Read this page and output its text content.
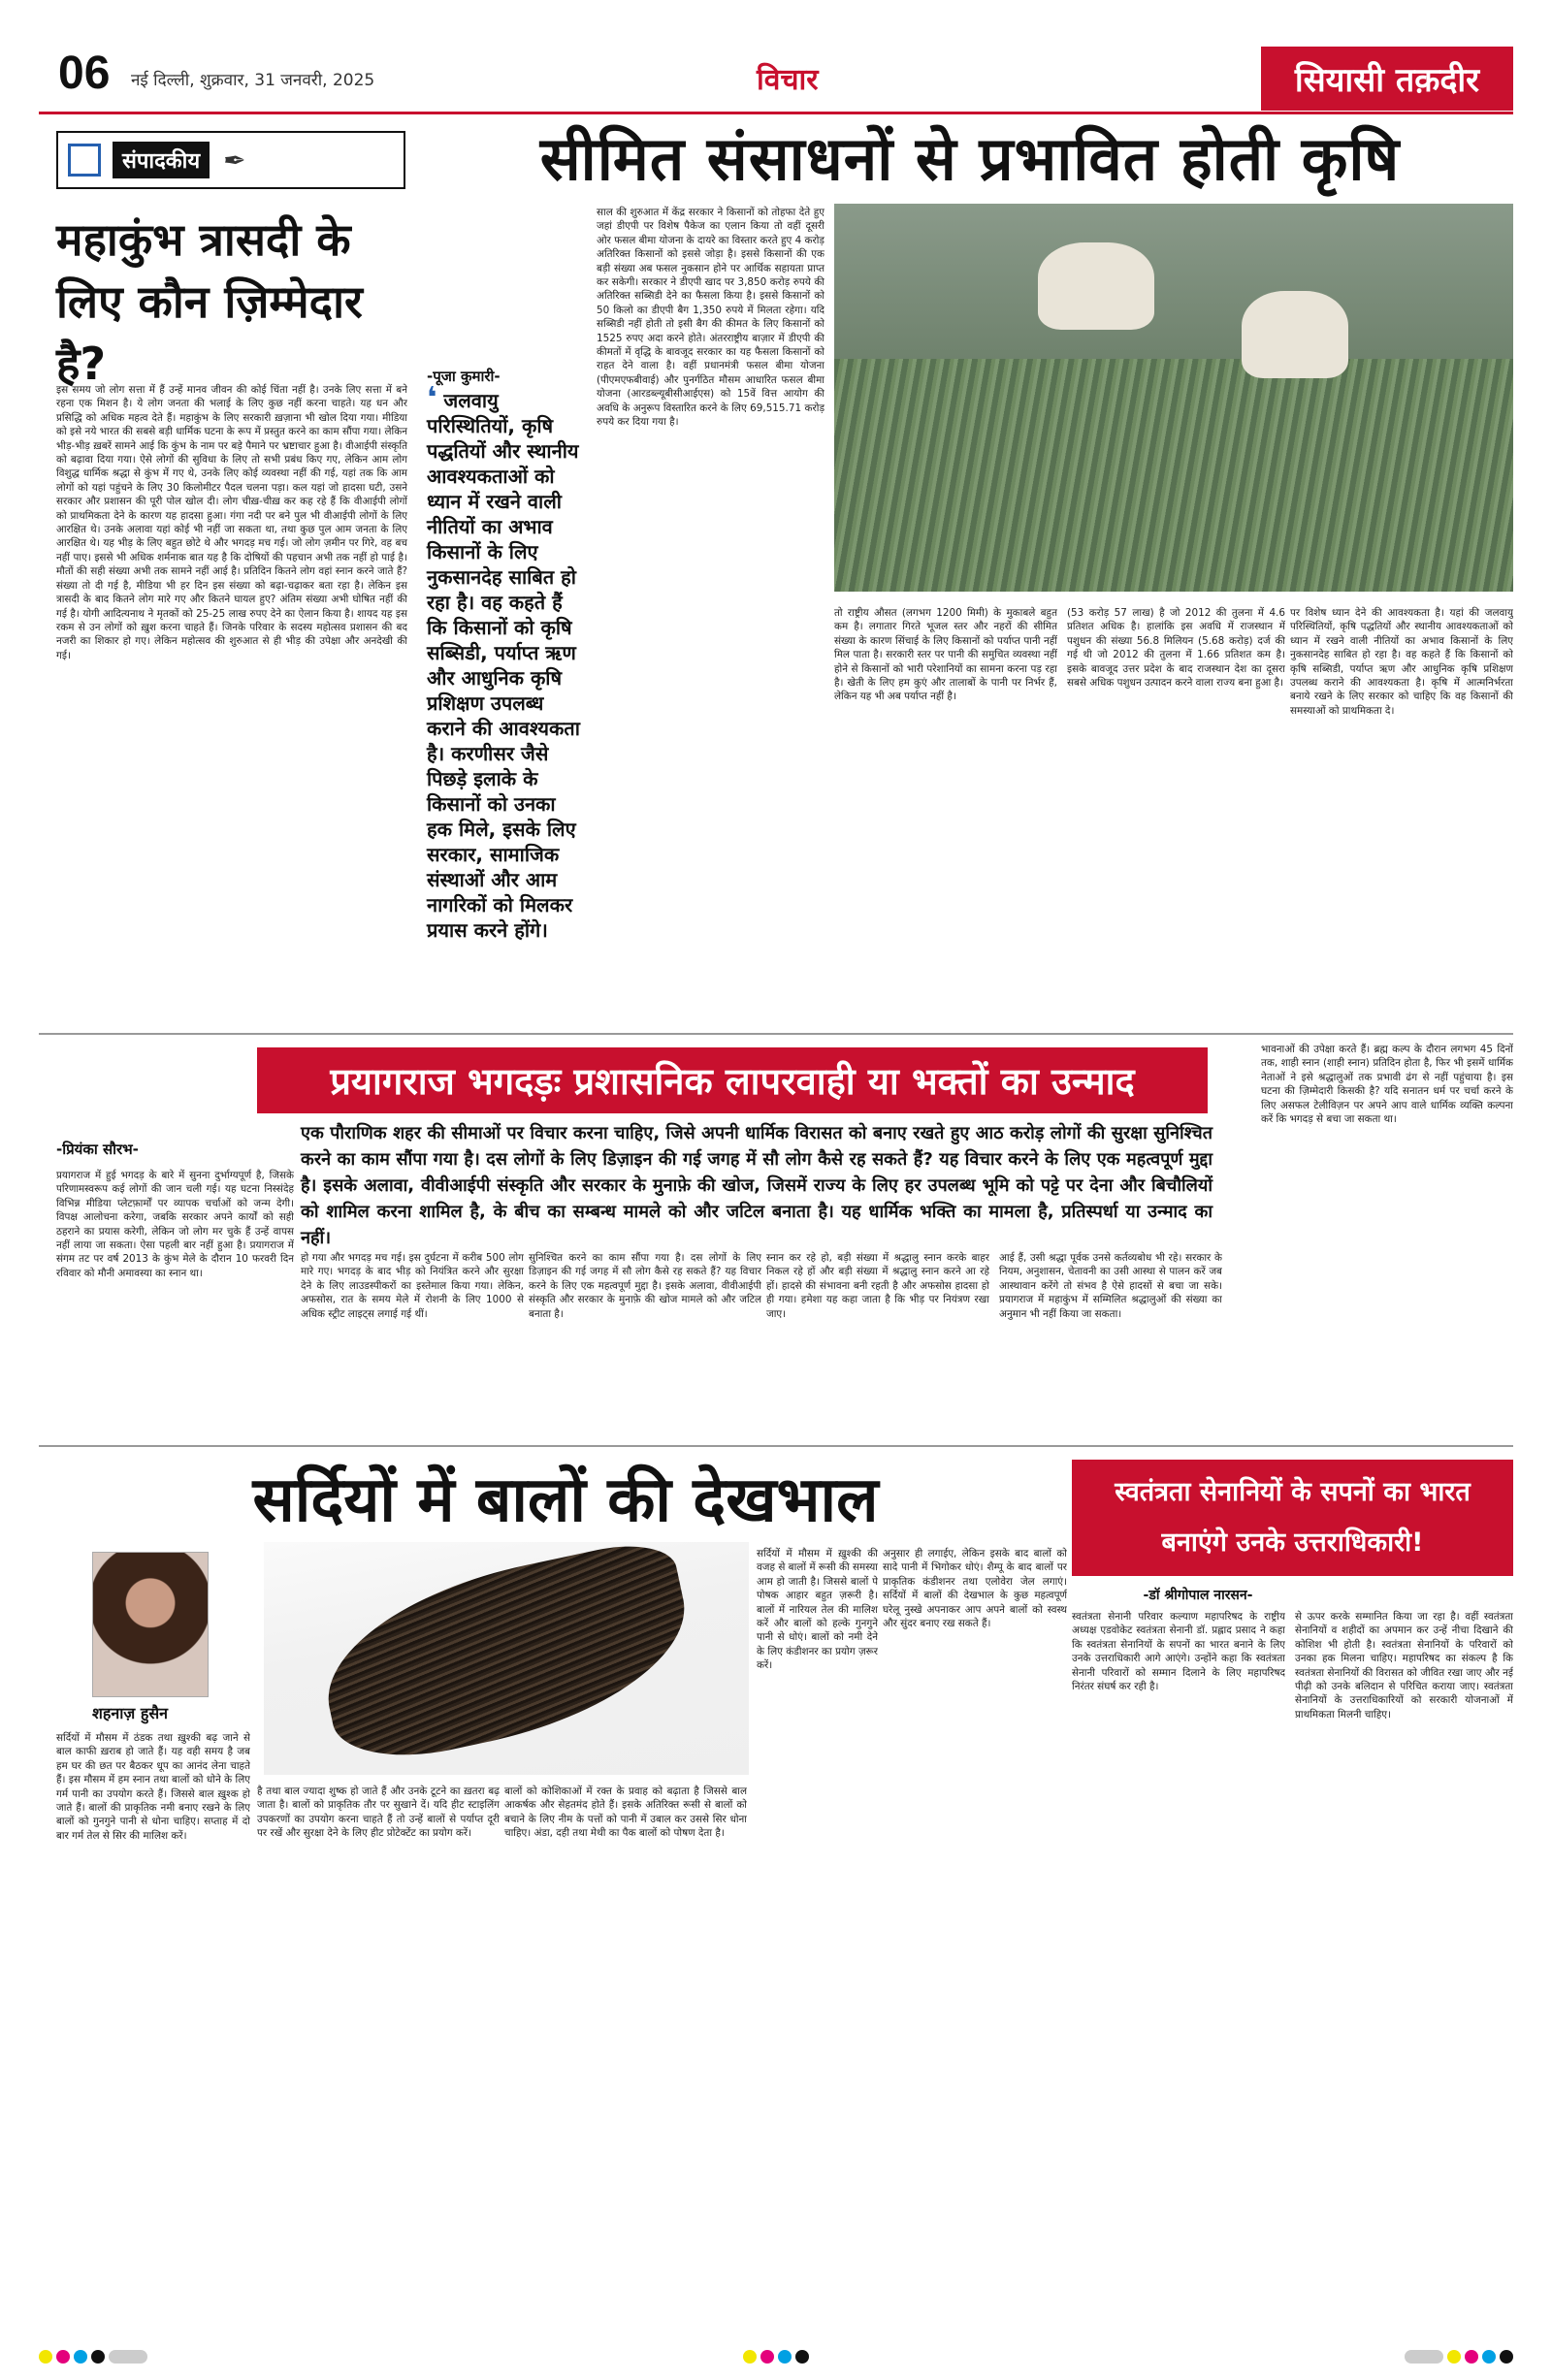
06 नई दिल्ली, शुक्रवार, 31 जनवरी, 2025	विचार	सियासी तक़दीर
संपादकीय ✒	सीमित संसाधनों से प्रभावित होती कृषि
महाकुंभ त्रासदी के लिए कौन ज़िम्मेदार है?
इस समय जो लोग सत्ता में हैं उन्हें मानव जीवन की कोई चिंता नहीं है। उनके लिए सत्ता में बने रहना एक मिशन है। ये लोग जनता की भलाई के लिए कुछ नहीं करना चाहते। यह धन और प्रसिद्धि को अधिक महत्व देते हैं। महाकुंभ के लिए सरकारी ख़ज़ाना भी खोल दिया गया। मीडिया को इसे नये भारत की सबसे बड़ी धार्मिक घटना के रूप में प्रस्तुत करने का काम सौंपा गया। लेकिन भीड़-भीड़ ख़बरें सामने आई कि कुंभ के नाम पर बड़े पैमाने पर भ्रष्टाचार हुआ है। वीआईपी संस्कृति को बढ़ावा दिया गया। ऐसे लोगों की सुविधा के लिए तो सभी प्रबंध किए गए, लेकिन आम लोग विशुद्ध धार्मिक श्रद्धा से कुंभ में गए थे, उनके लिए कोई व्यवस्था नहीं की गई, यहां तक कि आम लोगों को यहां पहुंचने के लिए 30 किलोमीटर पैदल चलना पड़ा। कल यहां जो हादसा घटी, उसने सरकार और प्रशासन की पूरी पोल खोल दी। लोग चीख़-चीख़ कर कह रहे हैं कि वीआईपी लोगों को प्राथमिकता देने के कारण यह हादसा हुआ। गंगा नदी पर बने पुल भी वीआईपी लोगों के लिए आरक्षित थे। उनके अलावा यहां कोई भी नहीं जा सकता था, तथा कुछ पुल आम जनता के लिए आरक्षित थे। यह भीड़ के लिए बहुत छोटे थे और भगदड़ मच गई। जो लोग ज़मीन पर गिरे, वह बच नहीं पाए। इससे भी अधिक शर्मनाक बात यह है कि दोषियों की पहचान अभी तक नहीं हो पाई है। मौतों की सही संख्या अभी तक सामने नहीं आई है। प्रतिदिन कितने लोग वहां स्नान करने जाते हैं? संख्या तो दी गई है, मीडिया भी हर दिन इस संख्या को बढ़ा-चढ़ाकर बता रहा है। लेकिन इस त्रासदी के बाद कितने लोग मारे गए और कितने घायल हुए? अंतिम संख्या अभी घोषित नहीं की गई है। योगी आदित्यनाथ ने मृतकों को 25-25 लाख रुपए देने का ऐलान किया है। शायद यह इस रकम से उन लोगों को ख़ुश करना चाहते हैं। जिनके परिवार के सदस्य महोत्सव प्रशासन की बद नजरी का शिकार हो गए। लेकिन महोत्सव की शुरुआत से ही भीड़ की उपेक्षा और अनदेखी की गई।
-पूजा कुमारी-
❛ जलवायु परिस्थितियों, कृषि पद्धतियों और स्थानीय आवश्यकताओं को ध्यान में रखने वाली नीतियों का अभाव किसानों के लिए नुकसानदेह साबित हो रहा है। वह कहते हैं कि किसानों को कृषि सब्सिडी, पर्याप्त ऋण और आधुनिक कृषि प्रशिक्षण उपलब्ध कराने की आवश्यकता है। करणीसर जैसे पिछड़े इलाके के किसानों को उनका हक मिले, इसके लिए सरकार, सामाजिक संस्थाओं और आम नागरिकों को मिलकर प्रयास करने होंगे।
साल की शुरुआत में केंद्र सरकार ने किसानों को तोहफा देते हुए जहां डीएपी पर विशेष पैकेज का एलान किया तो वहीं दूसरी ओर फसल बीमा योजना के दायरे का विस्तार करते हुए 4 करोड़ अतिरिक्त किसानों को इससे जोड़ा है। इससे किसानों की एक बड़ी संख्या अब फसल नुकसान होने पर आर्थिक सहायता प्राप्त कर सकेगी। सरकार ने डीएपी खाद पर 3,850 करोड़ रुपये की अतिरिक्त सब्सिडी देने का फैसला किया है। इससे किसानों को 50 किलो का डीएपी बैग 1,350 रुपये में मिलता रहेगा। यदि सब्सिडी नहीं होती तो इसी बैग की कीमत के लिए किसानों को 1525 रुपए अदा करने होते। अंतरराष्ट्रीय बाज़ार में डीएपी की कीमतों में वृद्धि के बावजूद सरकार का यह फैसला किसानों को राहत देने वाला है। वहीं प्रधानमंत्री फसल बीमा योजना (पीएमएफबीवाई) और पुनर्गठित मौसम आधारित फसल बीमा योजना (आरडब्ल्यूबीसीआईएस) को 15वें वित्त आयोग की अवधि के अनुरूप विस्तारित करने के लिए 69,515.71 करोड़ रुपये कर दिया गया है।
तो राष्ट्रीय औसत (लगभग 1200 मिमी) के मुकाबले बहुत कम है। लगातार गिरते भूजल स्तर और नहरों की सीमित संख्या के कारण सिंचाई के लिए किसानों को पर्याप्त पानी नहीं मिल पाता है। सरकारी स्तर पर पानी की समुचित व्यवस्था नहीं होने से किसानों को भारी परेशानियों का सामना करना पड़ रहा है। खेती के लिए हम कुएं और तालाबों के पानी पर निर्भर हैं, लेकिन यह भी अब पर्याप्त नहीं है।
(53 करोड़ 57 लाख) है जो 2012 की तुलना में 4.6 प्रतिशत अधिक है। हालांकि इस अवधि में राजस्थान में पशुधन की संख्या 56.8 मिलियन (5.68 करोड़) दर्ज की गई थी जो 2012 की तुलना में 1.66 प्रतिशत कम है। इसके बावजूद उत्तर प्रदेश के बाद राजस्थान देश का दूसरा सबसे अधिक पशुधन उत्पादन करने वाला राज्य बना हुआ है।
पर विशेष ध्यान देने की आवश्यकता है। यहां की जलवायु परिस्थितियों, कृषि पद्धतियों और स्थानीय आवश्यकताओं को ध्यान में रखने वाली नीतियों का अभाव किसानों के लिए नुकसानदेह साबित हो रहा है। वह कहते हैं कि किसानों को कृषि सब्सिडी, पर्याप्त ऋण और आधुनिक कृषि प्रशिक्षण उपलब्ध कराने की आवश्यकता है। कृषि में आत्मनिर्भरता बनाये रखने के लिए सरकार को चाहिए कि वह किसानों की समस्याओं को प्राथमिकता दे।
प्रयागराज भगदड़ः प्रशासनिक लापरवाही या भक्तों का उन्माद
एक पौराणिक शहर की सीमाओं पर विचार करना चाहिए, जिसे अपनी धार्मिक विरासत को बनाए रखते हुए आठ करोड़ लोगों की सुरक्षा सुनिश्चित करने का काम सौंपा गया है। दस लोगों के लिए डिज़ाइन की गई जगह में सौ लोग कैसे रह सकते हैं? यह विचार करने के लिए एक महत्वपूर्ण मुद्दा है। इसके अलावा, वीवीआईपी संस्कृति और सरकार के मुनाफ़े की खोज, जिसमें राज्य के लिए हर उपलब्ध भूमि को पट्टे पर देना और बिचौलियों को शामिल करना शामिल है, के बीच का सम्बन्ध मामले को और जटिल बनाता है। यह धार्मिक भक्ति का मामला है, प्रतिस्पर्धा या उन्माद का नहीं।
-प्रियंका सौरभ-
प्रयागराज में हुई भगदड़ के बारे में सुनना दुर्भाग्यपूर्ण है, जिसके परिणामस्वरूप कई लोगों की जान चली गई। यह घटना निस्संदेह विभिन्न मीडिया प्लेटफ़ार्मों पर व्यापक चर्चाओं को जन्म देगी। विपक्ष आलोचना करेगा, जबकि सरकार अपने कार्यों को सही ठहराने का प्रयास करेगी, लेकिन जो लोग मर चुके हैं उन्हें वापस नहीं लाया जा सकता। ऐसा पहली बार नहीं हुआ है। प्रयागराज में संगम तट पर वर्ष 2013 के कुंभ मेले के दौरान 10 फरवरी दिन रविवार को मौनी अमावस्या का स्नान था।
हो गया और भगदड़ मच गई। इस दुर्घटना में करीब 500 लोग मारे गए। भगदड़ के बाद भीड़ को नियंत्रित करने और सुरक्षा देने के लिए लाउडस्पीकरों का इस्तेमाल किया गया। लेकिन, अफसोस, रात के समय मेले में रोशनी के लिए 1000 से अधिक स्ट्रीट लाइट्स लगाई गई थीं।
सुनिश्चित करने का काम सौंपा गया है। दस लोगों के लिए डिज़ाइन की गई जगह में सौ लोग कैसे रह सकते हैं? यह विचार करने के लिए एक महत्वपूर्ण मुद्दा है। इसके अलावा, वीवीआईपी संस्कृति और सरकार के मुनाफ़े की खोज मामले को और जटिल बनाता है।
स्नान कर रहे हो, बड़ी संख्या में श्रद्धालु स्नान करके बाहर निकल रहे हों और बड़ी संख्या में श्रद्धालु स्नान करने आ रहे हों। हादसे की संभावना बनी रहती है और अफसोस हादसा हो ही गया। हमेशा यह कहा जाता है कि भीड़ पर नियंत्रण रखा जाए।
आई हैं, उसी श्रद्धा पूर्वक उनसे कर्तव्यबोध भी रहे। सरकार के नियम, अनुशासन, चेतावनी का उसी आस्था से पालन करें जब आस्थावान करेंगे तो संभव है ऐसे हादसों से बचा जा सके। प्रयागराज में महाकुंभ में सम्मिलित श्रद्धालुओं की संख्या का अनुमान भी नहीं किया जा सकता।
भावनाओं की उपेक्षा करते हैं। ब्रह्म कल्प के दौरान लगभग 45 दिनों तक, शाही स्नान (शाही स्नान) प्रतिदिन होता है, फिर भी इसमें धार्मिक नेताओं ने इसे श्रद्धालुओं तक प्रभावी ढंग से नहीं पहुंचाया है। इस घटना की ज़िम्मेदारी किसकी है? यदि सनातन धर्म पर चर्चा करने के लिए असफल टेलीविज़न पर अपने आप वाले धार्मिक व्यक्ति कल्पना करें कि भगदड़ से बचा जा सकता था।
सर्दियों में बालों की देखभाल
शहनाज़ हुसैन
सर्दियों में मौसम में ठंडक तथा ख़ुश्की बढ़ जाने से बाल काफी ख़राब हो जाते हैं। यह वही समय है जब हम घर की छत पर बैठकर धूप का आनंद लेना चाहते हैं। इस मौसम में हम स्नान तथा बालों को धोने के लिए गर्म पानी का उपयोग करते हैं। जिससे बाल ख़ुश्क हो जाते हैं। बालों की प्राकृतिक नमी बनाए रखने के लिए बालों को गुनगुने पानी से धोना चाहिए। सप्ताह में दो बार गर्म तेल से सिर की मालिश करें।
है तथा बाल ज्यादा शुष्क हो जाते हैं और उनके टूटने का ख़तरा बढ़ जाता है। बालों को प्राकृतिक तौर पर सुखाने दें। यदि हीट स्टाइलिंग उपकरणों का उपयोग करना चाहते हैं तो उन्हें बालों से पर्याप्त दूरी पर रखें और सुरक्षा देने के लिए हीट प्रोटेक्टेंट का प्रयोग करें।
बालों को कोशिकाओं में रक्त के प्रवाह को बढ़ाता है जिससे बाल आकर्षक और सेहतमंद होते हैं। इसके अतिरिक्त रूसी से बालों को बचाने के लिए नीम के पत्तों को पानी में उबाल कर उससे सिर धोना चाहिए। अंडा, दही तथा मेथी का पैक बालों को पोषण देता है।
सर्दियों में मौसम में ख़ुश्की की वजह से बालों में रूसी की समस्या आम हो जाती है। जिससे बालों पे पोषक आहार बहुत ज़रूरी है। बालों में नारियल तेल की मालिश करें और बालों को हल्के गुनगुने पानी से धोएं। बालों को नमी देने के लिए कंडीशनर का प्रयोग ज़रूर करें।
अनुसार ही लगाईए, लेकिन इसके बाद बालों को सादे पानी में भिगोकर धोएं। शैम्पू के बाद बालों पर प्राकृतिक कंडीशनर तथा एलोवेरा जेल लगाएं। सर्दियों में बालों की देखभाल के कुछ महत्वपूर्ण घरेलू नुस्खे अपनाकर आप अपने बालों को स्वस्थ और सुंदर बनाए रख सकते हैं।
स्वतंत्रता सेनानियों के सपनों का भारत बनाएंगे उनके उत्तराधिकारी!
-डॉ श्रीगोपाल नारसन-
स्वतंत्रता सेनानी परिवार कल्याण महापरिषद के राष्ट्रीय अध्यक्ष एडवोकेट स्वतंत्रता सेनानी डॉ. प्रह्लाद प्रसाद ने कहा कि स्वतंत्रता सेनानियों के सपनों का भारत बनाने के लिए उनके उत्तराधिकारी आगे आएंगे। उन्होंने कहा कि स्वतंत्रता सेनानी परिवारों को सम्मान दिलाने के लिए महापरिषद निरंतर संघर्ष कर रही है।
से ऊपर करके सम्मानित किया जा रहा है। वहीं स्वतंत्रता सेनानियों व शहीदों का अपमान कर उन्हें नीचा दिखाने की कोशिश भी होती है। स्वतंत्रता सेनानियों के परिवारों को उनका हक मिलना चाहिए। महापरिषद का संकल्प है कि स्वतंत्रता सेनानियों की विरासत को जीवित रखा जाए और नई पीढ़ी को उनके बलिदान से परिचित कराया जाए। स्वतंत्रता सेनानियों के उत्तराधिकारियों को सरकारी योजनाओं में प्राथमिकता मिलनी चाहिए।
